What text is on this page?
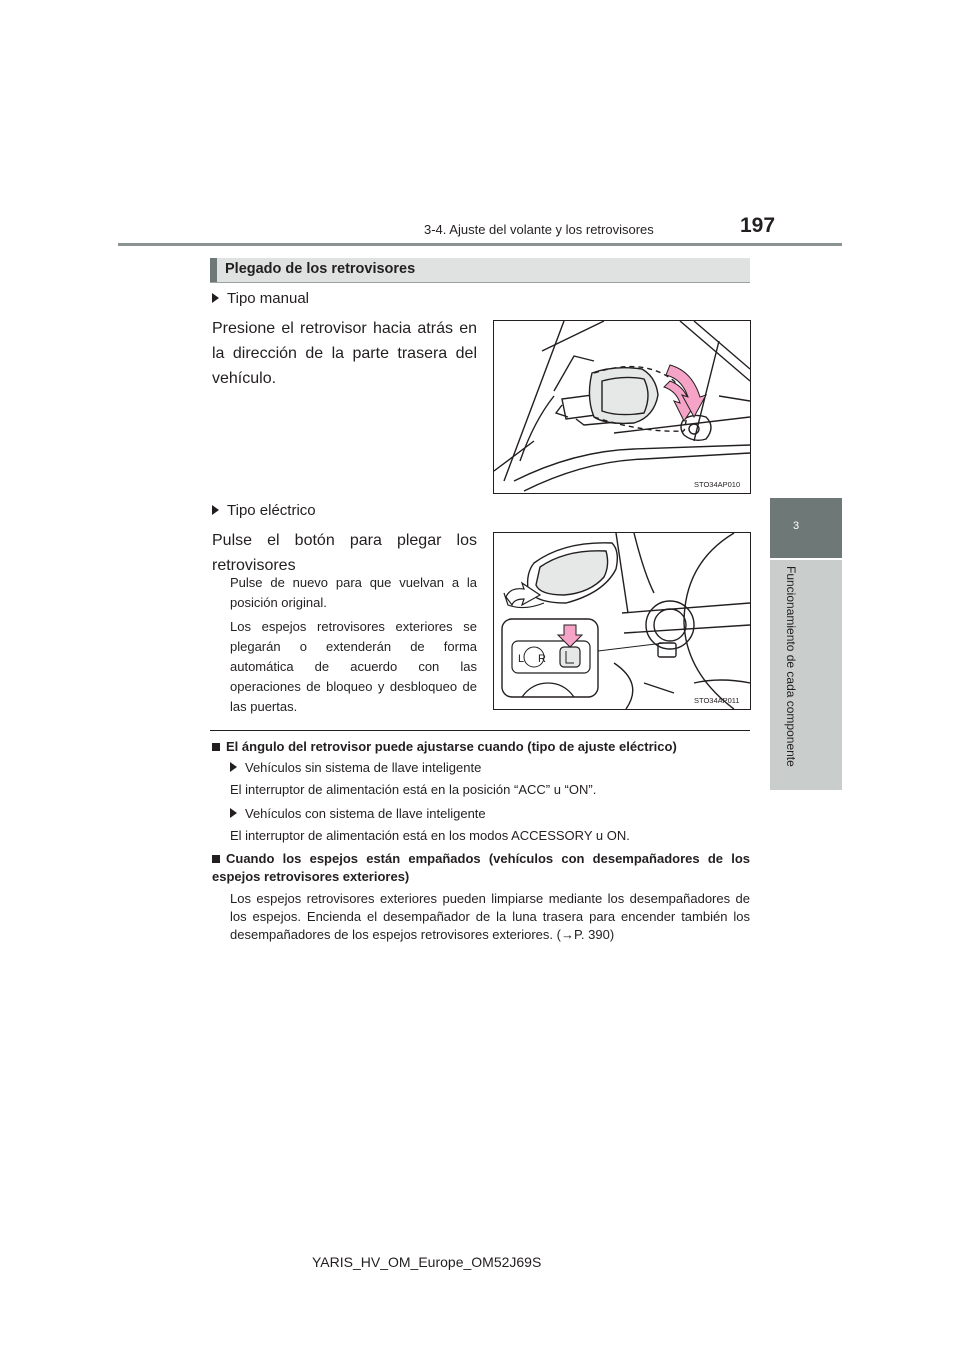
3-4. Ajuste del volante y los retrovisores	197
3
Funcionamiento de cada componente
Plegado de los retrovisores
Tipo manual
Presione el retrovisor hacia atrás en la dirección de la parte trasera del vehículo.
STO34AP010
Tipo eléctrico
Pulse el botón para plegar los retrovisores
Pulse de nuevo para que vuelvan a la posición original.
Los espejos retrovisores exteriores se plegarán o extenderán de forma automática de acuerdo con las operaciones de bloqueo y desbloqueo de las puertas.
L R
STO34AP011
El ángulo del retrovisor puede ajustarse cuando (tipo de ajuste eléctrico)
Vehículos sin sistema de llave inteligente
El interruptor de alimentación está en la posición “ACC” u “ON”.
Vehículos con sistema de llave inteligente
El interruptor de alimentación está en los modos ACCESSORY u ON.
Cuando los espejos están empañados (vehículos con desempañadores de los espejos retrovisores exteriores)
Los espejos retrovisores exteriores pueden limpiarse mediante los desempañadores de los espejos. Encienda el desempañador de la luna trasera para encender también los desempañadores de los espejos retrovisores exteriores. (→P. 390)
YARIS_HV_OM_Europe_OM52J69S
